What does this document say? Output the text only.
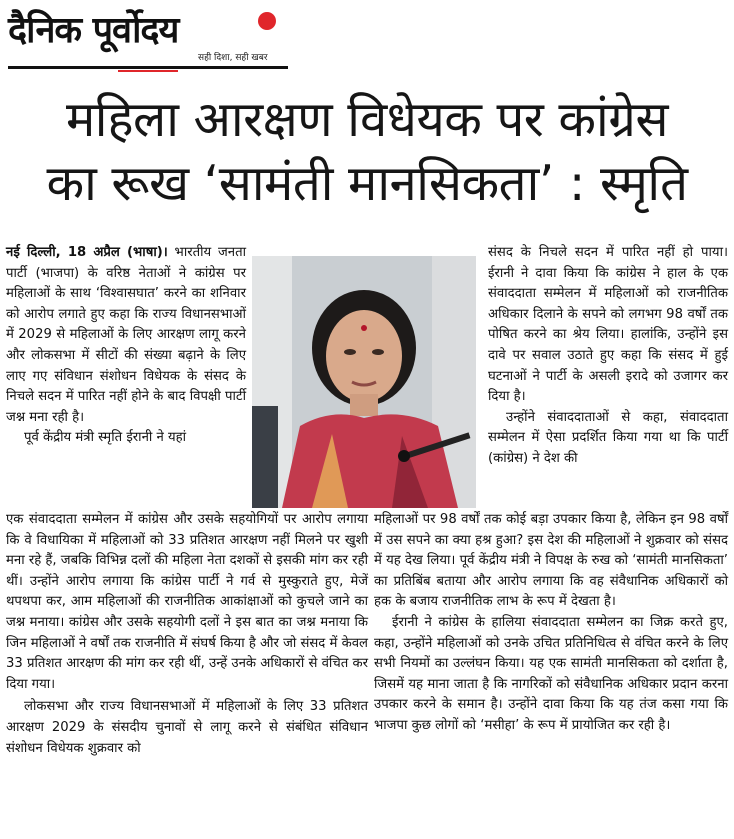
दैनिक पूर्वोदय
सही दिशा, सही खबर
महिला आरक्षण विधेयक पर कांग्रेस
का रूख ‘सामंती मानसिकता’ : स्मृति

नई दिल्ली, 18 अप्रैल (भाषा)। भारतीय जनता पार्टी (भाजपा) के वरिष्ठ नेताओं ने कांग्रेस पर महिलाओं के साथ ‘विश्वासघात’ करने का शनिवार को आरोप लगाते हुए कहा कि राज्य विधानसभाओं में 2029 से महिलाओं के लिए आरक्षण लागू करने और लोकसभा में सीटों की संख्या बढ़ाने के लिए लाए गए संविधान संशोधन विधेयक के संसद के निचले सदन में पारित नहीं होने के बाद विपक्षी पार्टी जश्न मना रही है।

पूर्व केंद्रीय मंत्री स्मृति ईरानी ने यहां

संसद के निचले सदन में पारित नहीं हो पाया। ईरानी ने दावा किया कि कांग्रेस ने हाल के एक संवाददाता सम्मेलन में महिलाओं को राजनीतिक अधिकार दिलाने के सपने को लगभग 98 वर्षों तक पोषित करने का श्रेय लिया। हालांकि, उन्होंने इस दावे पर सवाल उठाते हुए कहा कि संसद में हुई घटनाओं ने पार्टी के असली इरादे को उजागर कर दिया है।

उन्होंने संवाददाताओं से कहा, संवाददाता सम्मेलन में ऐसा प्रदर्शित किया गया था कि पार्टी (कांग्रेस) ने देश की

एक संवाददाता सम्मेलन में कांग्रेस और उसके सहयोगियों पर आरोप लगाया कि वे विधायिका में महिलाओं को 33 प्रतिशत आरक्षण नहीं मिलने पर खुशी मना रहे हैं, जबकि विभिन्न दलों की महिला नेता दशकों से इसकी मांग कर रही थीं। उन्होंने आरोप लगाया कि कांग्रेस पार्टी ने गर्व से मुस्कुराते हुए, मेजें थपथपा कर, आम महिलाओं की राजनीतिक आकांक्षाओं को कुचले जाने का जश्न मनाया। कांग्रेस और उसके सहयोगी दलों ने इस बात का जश्न मनाया कि जिन महिलाओं ने वर्षों तक राजनीति में संघर्ष किया है और जो संसद में केवल 33 प्रतिशत आरक्षण की मांग कर रही थीं, उन्हें उनके अधिकारों से वंचित कर दिया गया।

लोकसभा और राज्य विधानसभाओं में महिलाओं के लिए 33 प्रतिशत आरक्षण 2029 के संसदीय चुनावों से लागू करने से संबंधित संविधान संशोधन विधेयक शुक्रवार को

महिलाओं पर 98 वर्षों तक कोई बड़ा उपकार किया है, लेकिन इन 98 वर्षों में उस सपने का क्या हश्र हुआ? इस देश की महिलाओं ने शुक्रवार को संसद में यह देख लिया। पूर्व केंद्रीय मंत्री ने विपक्ष के रुख को ‘सामंती मानसिकता’ का प्रतिबिंब बताया और आरोप लगाया कि वह संवैधानिक अधिकारों को हक के बजाय राजनीतिक लाभ के रूप में देखता है।

ईरानी ने कांग्रेस के हालिया संवाददाता सम्मेलन का जिक्र करते हुए, कहा, उन्होंने महिलाओं को उनके उचित प्रतिनिधित्व से वंचित करने के लिए सभी नियमों का उल्लंघन किया। यह एक सामंती मानसिकता को दर्शाता है, जिसमें यह माना जाता है कि नागरिकों को संवैधानिक अधिकार प्रदान करना उपकार करने के समान है। उन्होंने दावा किया कि यह तंज कसा गया कि भाजपा कुछ लोगों को ‘मसीहा’ के रूप में प्रायोजित कर रही है।
